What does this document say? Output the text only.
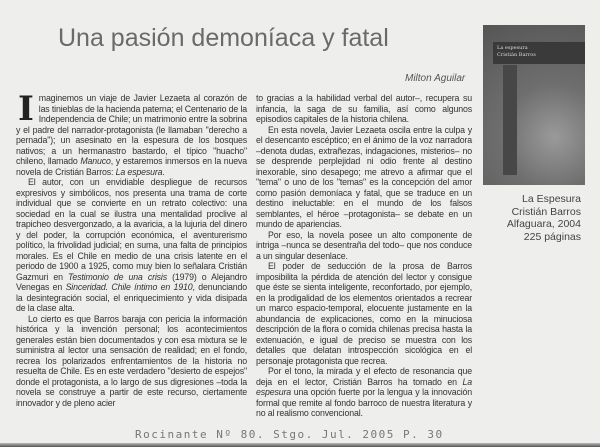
Una pasión demoníaca y fatal
Milton Aguilar

Imaginemos un viaje de Javier Lezaeta al corazón de las tinieblas de la hacienda paterna; el Centenario de la Independencia de Chile; un matrimonio entre la sobrina y el padre del narrador-protagonista (le llamaban "derecho a pernada"); un asesinato en la espesura de los bosques nativos; a un hermanastro bastardo, el típico "huacho" chileno, llamado Manuco, y estaremos inmersos en la nueva novela de Cristián Barros: La espesura.

El autor, con un envidiable despliegue de recursos expresivos y simbólicos, nos presenta una trama de corte individual que se convierte en un retrato colectivo: una sociedad en la cual se ilustra una mentalidad proclive al trapicheo desvergonzado, a la avaricia, a la lujuria del dinero y del poder, la corrupción económica, el aventurerismo político, la frivolidad judicial; en suma, una falta de principios morales. Es el Chile en medio de una crisis latente en el periodo de 1900 a 1925, como muy bien lo señalara Cristián Gazmuri en Testimonio de una crisis (1979) o Alejandro Venegas en Sinceridad. Chile íntimo en 1910, denunciando la desintegración social, el enriquecimiento y vida disipada de la clase alta.

Lo cierto es que Barros baraja con pericia la información histórica y la invención personal; los acontecimientos generales están bien documentados y con esa mixtura se le suministra al lector una sensación de realidad; en el fondo, recrea los polarizados enfrentamientos de la historia no resuelta de Chile. Es en este verdadero "desierto de espejos" donde el protagonista, a lo largo de sus digresiones –toda la novela se construye a partir de este recurso, ciertamente innovador y de pleno acier

to gracias a la habilidad verbal del autor–, recupera su infancia, la saga de su familia, así como algunos episodios capitales de la historia chilena.

En esta novela, Javier Lezaeta oscila entre la culpa y el desencanto escéptico; en el ánimo de la voz narradora –denota dudas, extrañezas, indagaciones, misterios– no se desprende perplejidad ni odio frente al destino inexorable, sino desapego; me atrevo a afirmar que el "tema" o uno de los "temas" es la concepción del amor como pasión demoníaca y fatal, que se traduce en un destino ineluctable: en el mundo de los falsos semblantes, el héroe –protagonista– se debate en un mundo de apariencias.

Por eso, la novela posee un alto componente de intriga –nunca se desentraña del todo– que nos conduce a un singular desenlace.

El poder de seducción de la prosa de Barros imposibilita la pérdida de atención del lector y consigue que éste se sienta inteligente, reconfortado, por ejemplo, en la prodigalidad de los elementos orientados a recrear un marco espacio-temporal, elocuente justamente en la abundancia de explicaciones, como en la minuciosa descripción de la flora o comida chilenas precisa hasta la extenuación, e igual de preciso se muestra con los detalles que delatan introspección sicológica en el personaje protagonista que recrea.

Por el tono, la mirada y el efecto de resonancia que deja en el lector, Cristián Barros ha tornado en La espesura una opción fuerte por la lengua y la innovación formal que remite al fondo barroco de nuestra literatura y no al realismo convencional.

La espesura
Cristián Barros
La Espesura
Cristián Barros
Alfaguara, 2004
225 páginas
Rocinante Nº 80. Stgo. Jul. 2005 P. 30
